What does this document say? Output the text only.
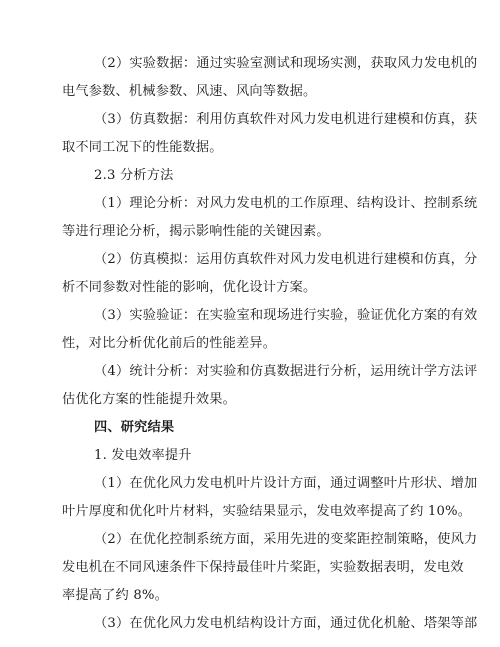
（2）实验数据：通过实验室测试和现场实测，获取风力发电机的
电气参数、机械参数、风速、风向等数据。
（3）仿真数据：利用仿真软件对风力发电机进行建模和仿真，获
取不同工况下的性能数据。
2.3 分析方法
（1）理论分析：对风力发电机的工作原理、结构设计、控制系统
等进行理论分析，揭示影响性能的关键因素。
（2）仿真模拟：运用仿真软件对风力发电机进行建模和仿真，分
析不同参数对性能的影响，优化设计方案。
（3）实验验证：在实验室和现场进行实验，验证优化方案的有效
性，对比分析优化前后的性能差异。
（4）统计分析：对实验和仿真数据进行分析，运用统计学方法评
估优化方案的性能提升效果。
四、研究结果
1. 发电效率提升
（1）在优化风力发电机叶片设计方面，通过调整叶片形状、增加
叶片厚度和优化叶片材料，实验结果显示，发电效率提高了约 10%。
（2）在优化控制系统方面，采用先进的变桨距控制策略，使风力
发电机在不同风速条件下保持最佳叶片桨距，实验数据表明，发电效
率提高了约 8%。
（3）在优化风力发电机结构设计方面，通过优化机舱、塔架等部
